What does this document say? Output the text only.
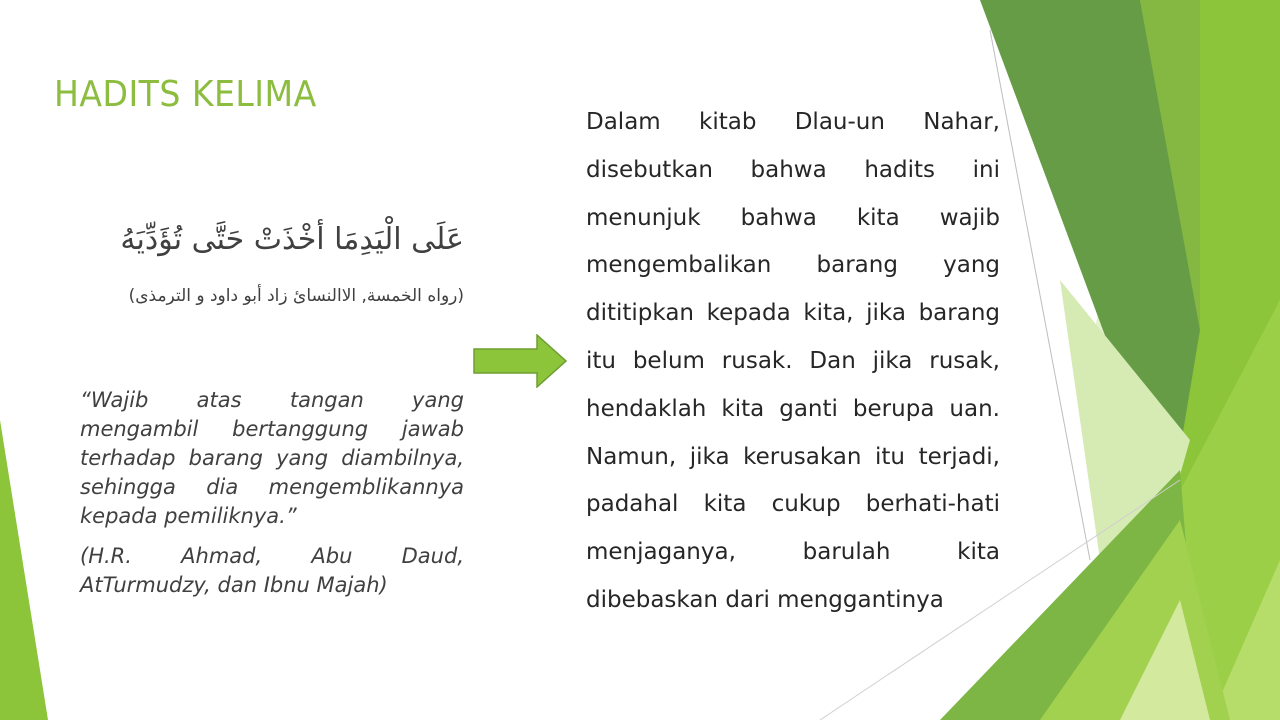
HADITS KELIMA
عَلَى الْيَدِمَا أخْذَتْ حَتَّى تُؤَدِّيَهُ
(رواه الخمسة, الاالنسائ زاد أبو داود و الترمذى)
“Wajib atas tangan yang mengambil bertanggung jawab terhadap barang yang diambilnya, sehingga dia mengemblikannya kepada pemiliknya.”
(H.R. Ahmad, Abu Daud, AtTurmudzy, dan Ibnu Majah)
Dalam kitab Dlau-un Nahar, disebutkan bahwa hadits ini menunjuk bahwa kita wajib mengembalikan barang yang dititipkan kepada kita, jika barang itu belum rusak. Dan jika rusak, hendaklah kita ganti berupa uan. Namun, jika kerusakan itu terjadi, padahal kita cukup berhati-hati menjaganya, barulah kita dibebaskan dari menggantinya
